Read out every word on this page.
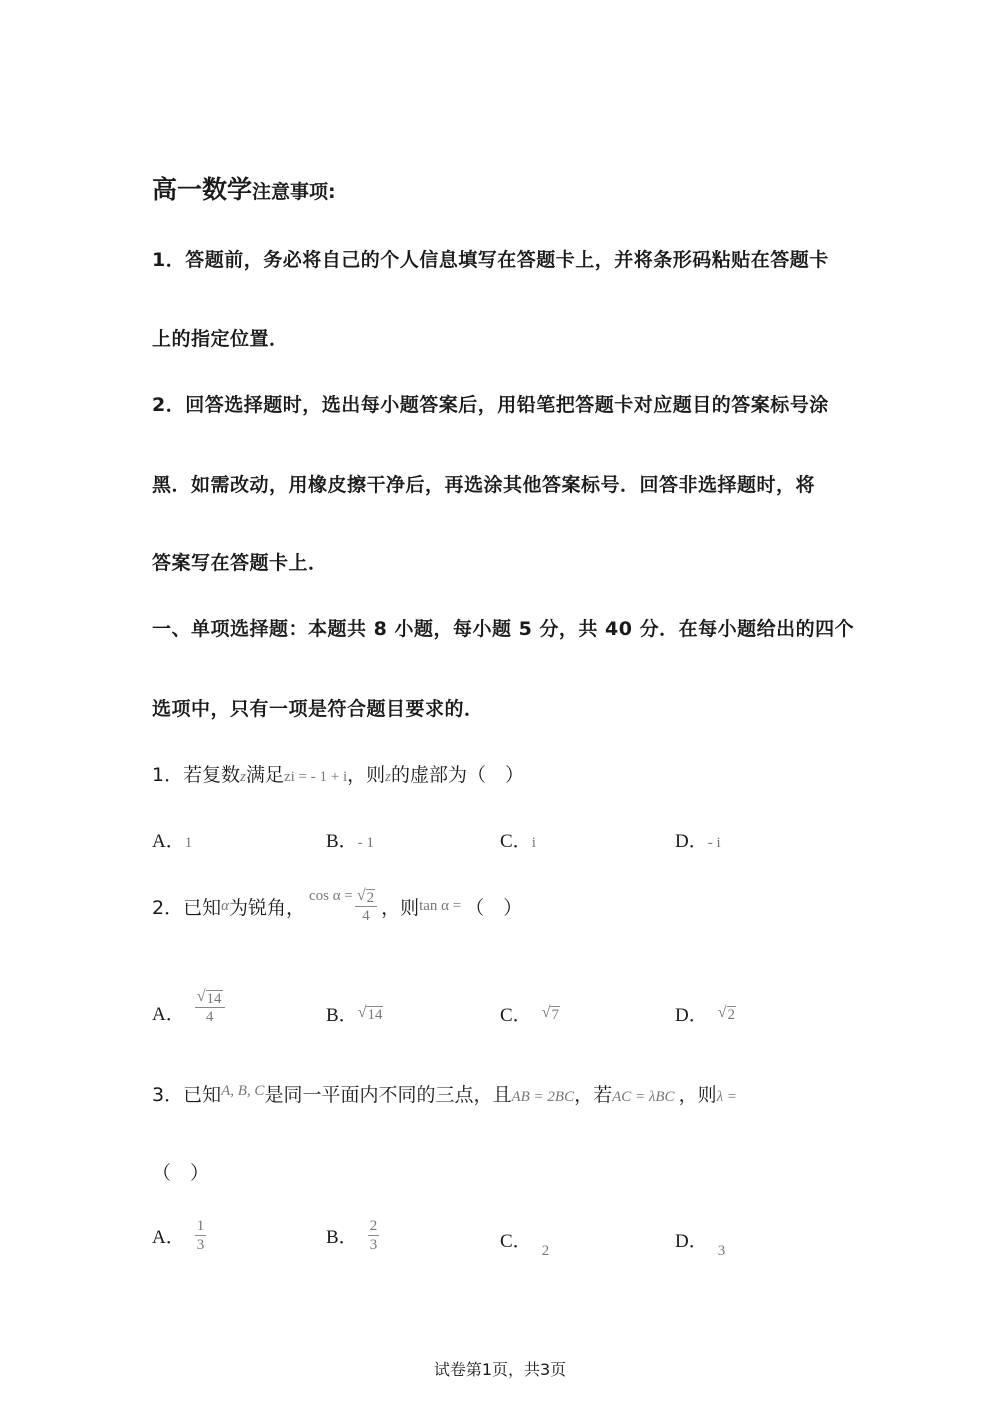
高一数学注意事项:
1．答题前，务必将自己的个人信息填写在答题卡上，并将条形码粘贴在答题卡
上的指定位置．
2．回答选择题时，选出每小题答案后，用铅笔把答题卡对应题目的答案标号涂
黑．如需改动，用橡皮擦干净后，再选涂其他答案标号．回答非选择题时，将
答案写在答题卡上．
一、单项选择题：本题共 8 小题，每小题 5 分，共 40 分．在每小题给出的四个
选项中，只有一项是符合题目要求的．
1．若复数z满足zi = - 1 + i，则z的虚部为（　）
A．1	B．- 1	C．i	D．- i
2．已知 α 为锐角，
$\cos \alpha = \frac{√ 2}{4}$ ，则 tan α = （　）
A． $\frac{√ 14}{4}$	B． √ 14	C． √ 7	D． √ 2
3．已知$^{A, B, C}$是同一平面内不同的三点，且AB = 2BC，若AC = λBC ，则λ =
（　）
A． $\frac{1}{3}$	B． $\frac{2}{3}$	C． 2	D． 3
试卷第1页，共3页
